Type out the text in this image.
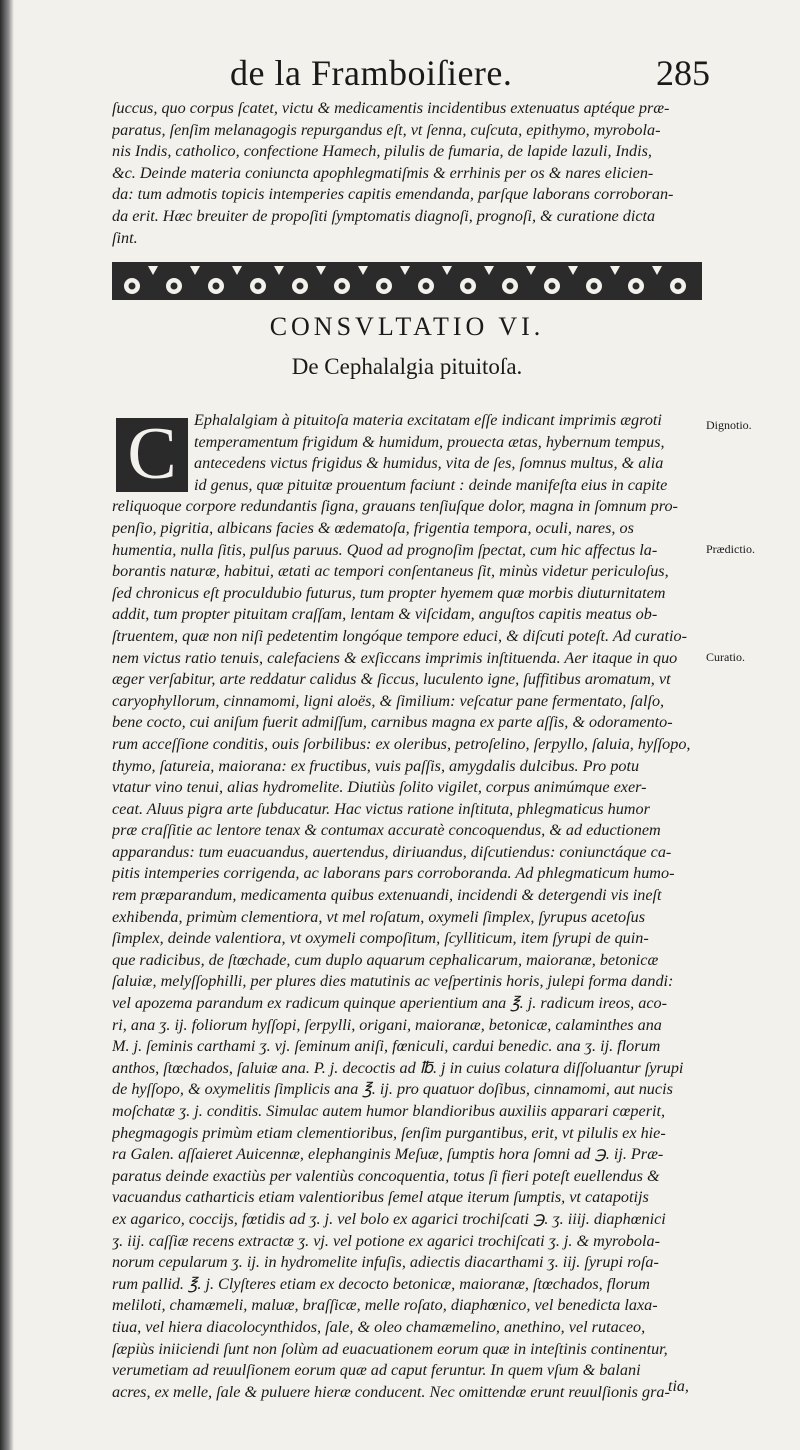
de la Framboiſiere.	285
ſuccus, quo corpus ſcatet, victu & medicamentis incidentibus extenuatus aptéque præ-
paratus, ſenſim melanagogis repurgandus eſt, vt ſenna, cuſcuta, epithymo, myrobola-
nis Indis, catholico, confectione Hamech, pilulis de fumaria, de lapide lazuli, Indis,
&c. Deinde materia coniuncta apophlegmatiſmis & errhinis per os & nares elicien-
da: tum admotis topicis intemperies capitis emendanda, parſque laborans corroboran-
da erit. Hæc breuiter de propoſiti ſymptomatis diagnoſi, prognoſi, & curatione dicta
ſint.
CONSVLTATIO VI.
De Cephalalgia pituitoſa.
C	Ephalalgiam à pituitoſa materia excitatam eſſe indicant imprimis ægroti
temperamentum frigidum & humidum, prouecta ætas, hybernum tempus,
antecedens victus frigidus & humidus, vita de ſes, ſomnus multus, & alia
id genus, quæ pituitæ prouentum faciunt : deinde manifeſta eius in capite
reliquoque corpore redundantis ſigna, grauans tenſiuſque dolor, magna in ſomnum pro-
penſio, pigritia, albicans facies & œdematoſa, frigentia tempora, oculi, nares, os
humentia, nulla ſitis, pulſus paruus. Quod ad prognoſim ſpectat, cum hic affectus la-
borantis naturæ, habitui, ætati ac tempori conſentaneus ſit, minùs videtur periculoſus,
ſed chronicus eſt proculdubio futurus, tum propter hyemem quæ morbis diuturnitatem
addit, tum propter pituitam craſſam, lentam & viſcidam, anguſtos capitis meatus ob-
ſtruentem, quæ non niſi pedetentim longóque tempore educi, & diſcuti poteſt. Ad curatio-
nem victus ratio tenuis, calefaciens & exſiccans imprimis inſtituenda. Aer itaque in quo
æger verſabitur, arte reddatur calidus & ſiccus, luculento igne, ſuffitibus aromatum, vt
caryophyllorum, cinnamomi, ligni aloës, & ſimilium: veſcatur pane fermentato, ſalſo,
bene cocto, cui aniſum fuerit admiſſum, carnibus magna ex parte aſſis, & odoramento-
rum acceſſione conditis, ouis ſorbilibus: ex oleribus, petroſelino, ſerpyllo, ſaluia, hyſſopo,
thymo, ſatureia, maiorana: ex fructibus, vuis paſſis, amygdalis dulcibus. Pro potu
vtatur vino tenui, alias hydromelite. Diutiùs ſolito vigilet, corpus animúmque exer-
ceat. Aluus pigra arte ſubducatur. Hac victus ratione inſtituta, phlegmaticus humor
præ craſſitie ac lentore tenax & contumax accuratè concoquendus, & ad eductionem
apparandus: tum euacuandus, auertendus, diriuandus, diſcutiendus: coniunctáque ca-
pitis intemperies corrigenda, ac laborans pars corroboranda. Ad phlegmaticum humo-
rem præparandum, medicamenta quibus extenuandi, incidendi & detergendi vis ineſt
exhibenda, primùm clementiora, vt mel roſatum, oxymeli ſimplex, ſyrupus acetoſus
ſimplex, deinde valentiora, vt oxymeli compoſitum, ſcylliticum, item ſyrupi de quin-
que radicibus, de ſtœchade, cum duplo aquarum cephalicarum, maioranæ, betonicæ
ſaluiæ, melyſſophilli, per plures dies matutinis ac veſpertinis horis, julepi forma dandi:
vel apozema parandum ex radicum quinque aperientium ana ℥. j. radicum ireos, aco-
ri, ana ʒ. ij. foliorum hyſſopi, ſerpylli, origani, maioranæ, betonicæ, calaminthes ana
M. j. ſeminis carthami ʒ. vj. ſeminum aniſi, fœniculi, cardui benedic. ana ʒ. ij. florum
anthos, ſtœchados, ſaluiæ ana. P. j. decoctis ad ℔. j in cuius colatura diſſoluantur ſyrupi
de hyſſopo, & oxymelitis ſimplicis ana ℥. ij. pro quatuor doſibus, cinnamomi, aut nucis
moſchatæ ʒ. j. conditis. Simulac autem humor blandioribus auxiliis apparari cœperit,
phegmagogis primùm etiam clementioribus, ſenſim purgantibus, erit, vt pilulis ex hie-
ra Galen. aſſaieret Auicennæ, elephanginis Meſuæ, ſumptis hora ſomni ad ℈. ij. Præ-
paratus deinde exactiùs per valentiùs concoquentia, totus ſi fieri poteſt euellendus &
vacuandus catharticis etiam valentioribus ſemel atque iterum ſumptis, vt catapotijs
ex agarico, coccijs, fœtidis ad ʒ. j. vel bolo ex agarici trochiſcati ℈. ʒ. iiij. diaphœnici
ʒ. iij. caſſiæ recens extractæ ʒ. vj. vel potione ex agarici trochiſcati ʒ. j. & myrobola-
norum cepularum ʒ. ij. in hydromelite infuſis, adiectis diacarthami ʒ. iij. ſyrupi roſa-
rum pallid. ℥. j. Clyſteres etiam ex decocto betonicæ, maioranæ, ſtœchados, florum
meliloti, chamæmeli, maluæ, braſſicæ, melle roſato, diaphœnico, vel benedicta laxa-
tiua, vel hiera diacolocynthidos, ſale, & oleo chamæmelino, anethino, vel rutaceo,
ſæpiùs iniiciendi ſunt non ſolùm ad euacuationem eorum quæ in inteſtinis continentur,
verumetiam ad reuulſionem eorum quæ ad caput feruntur. In quem vſum & balani
acres, ex melle, ſale & puluere hieræ conducent. Nec omittendæ erunt reuulſionis gra-
Dignotio.
Prædictio.
Curatio.
tia,
